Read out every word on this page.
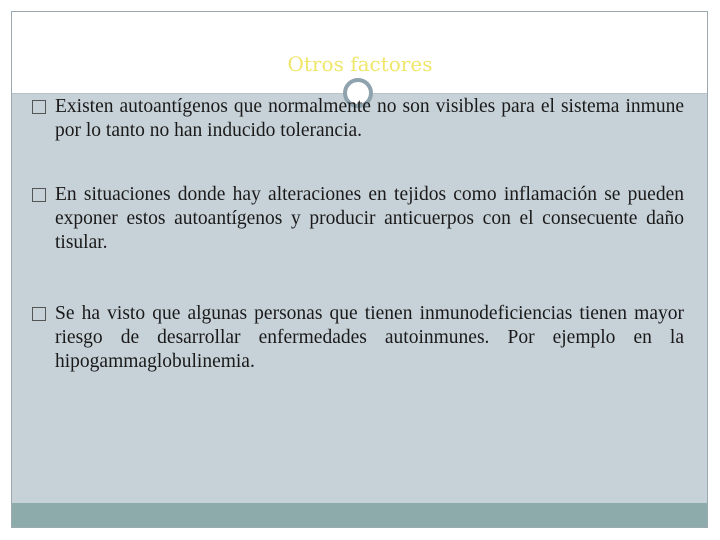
Otros factores

Existen autoantígenos que normalmente no son visibles para el sistema inmune por lo tanto no han inducido tolerancia.

En situaciones donde hay alteraciones en tejidos como inflamación se pueden exponer estos autoantígenos y producir anticuerpos con el consecuente daño tisular.

Se ha visto que algunas personas que tienen inmunodeficiencias tienen mayor riesgo de desarrollar enfermedades autoinmunes. Por ejemplo en la hipogammaglobulinemia.
